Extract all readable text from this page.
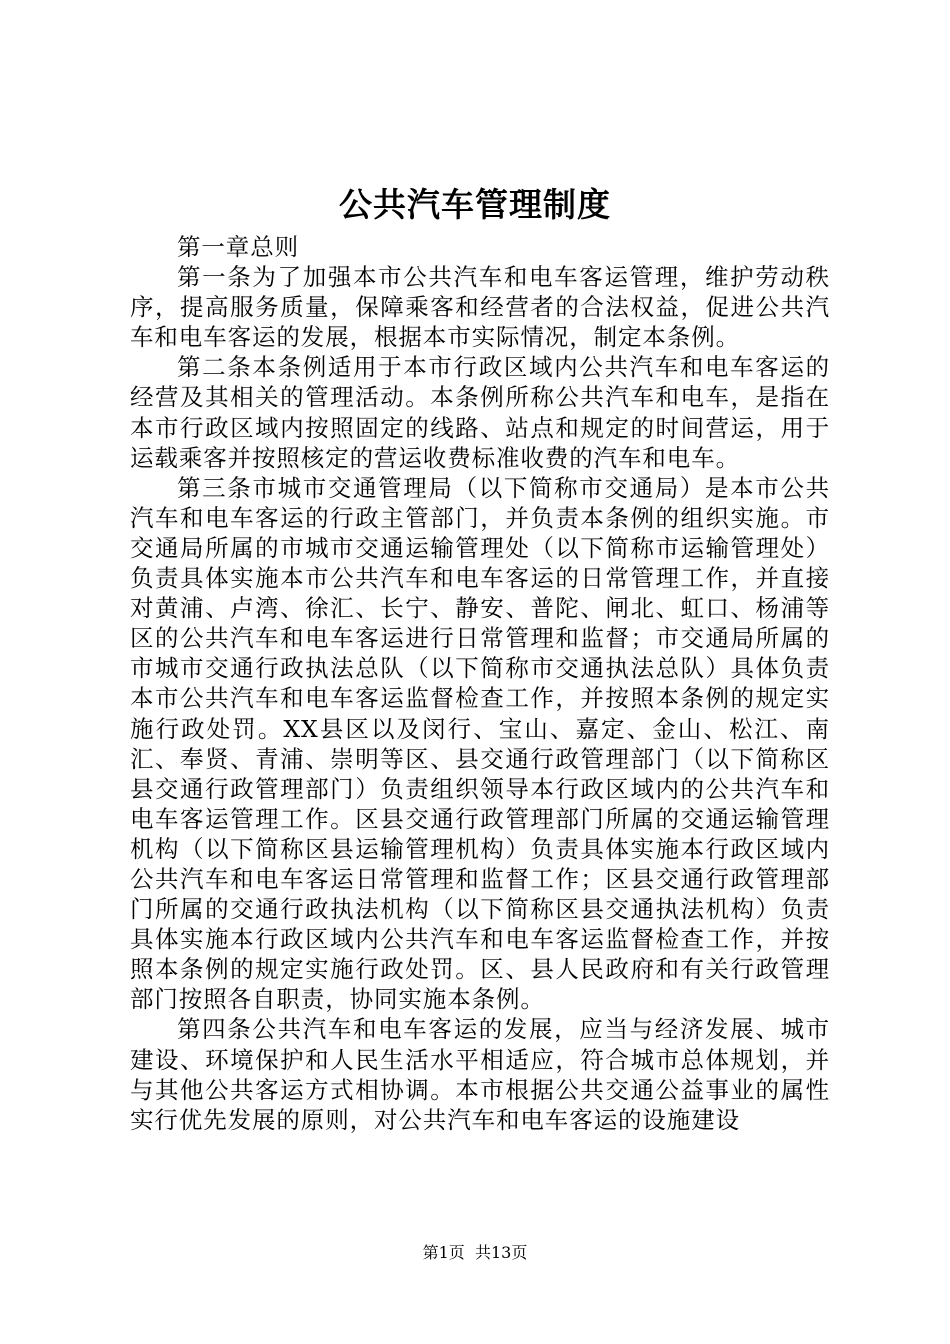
公共汽车管理制度

第一章总则

第一条为了加强本市公共汽车和电车客运管理，维护劳动秩序，提高服务质量，保障乘客和经营者的合法权益，促进公共汽车和电车客运的发展，根据本市实际情况，制定本条例。

第二条本条例适用于本市行政区域内公共汽车和电车客运的经营及其相关的管理活动。本条例所称公共汽车和电车，是指在本市行政区域内按照固定的线路、站点和规定的时间营运，用于运载乘客并按照核定的营运收费标准收费的汽车和电车。

第三条市城市交通管理局（以下简称市交通局）是本市公共汽车和电车客运的行政主管部门，并负责本条例的组织实施。市交通局所属的市城市交通运输管理处（以下简称市运输管理处）负责具体实施本市公共汽车和电车客运的日常管理工作，并直接对黄浦、卢湾、徐汇、长宁、静安、普陀、闸北、虹口、杨浦等区的公共汽车和电车客运进行日常管理和监督；市交通局所属的市城市交通行政执法总队（以下简称市交通执法总队）具体负责本市公共汽车和电车客运监督检查工作，并按照本条例的规定实施行政处罚。XX县区以及闵行、宝山、嘉定、金山、松江、南汇、奉贤、青浦、崇明等区、县交通行政管理部门（以下简称区县交通行政管理部门）负责组织领导本行政区域内的公共汽车和电车客运管理工作。区县交通行政管理部门所属的交通运输管理机构（以下简称区县运输管理机构）负责具体实施本行政区域内公共汽车和电车客运日常管理和监督工作；区县交通行政管理部门所属的交通行政执法机构（以下简称区县交通执法机构）负责具体实施本行政区域内公共汽车和电车客运监督检查工作，并按照本条例的规定实施行政处罚。区、县人民政府和有关行政管理部门按照各自职责，协同实施本条例。

第四条公共汽车和电车客运的发展，应当与经济发展、城市建设、环境保护和人民生活水平相适应，符合城市总体规划，并与其他公共客运方式相协调。本市根据公共交通公益事业的属性实行优先发展的原则，对公共汽车和电车客运的设施建设

第1页 共13页
